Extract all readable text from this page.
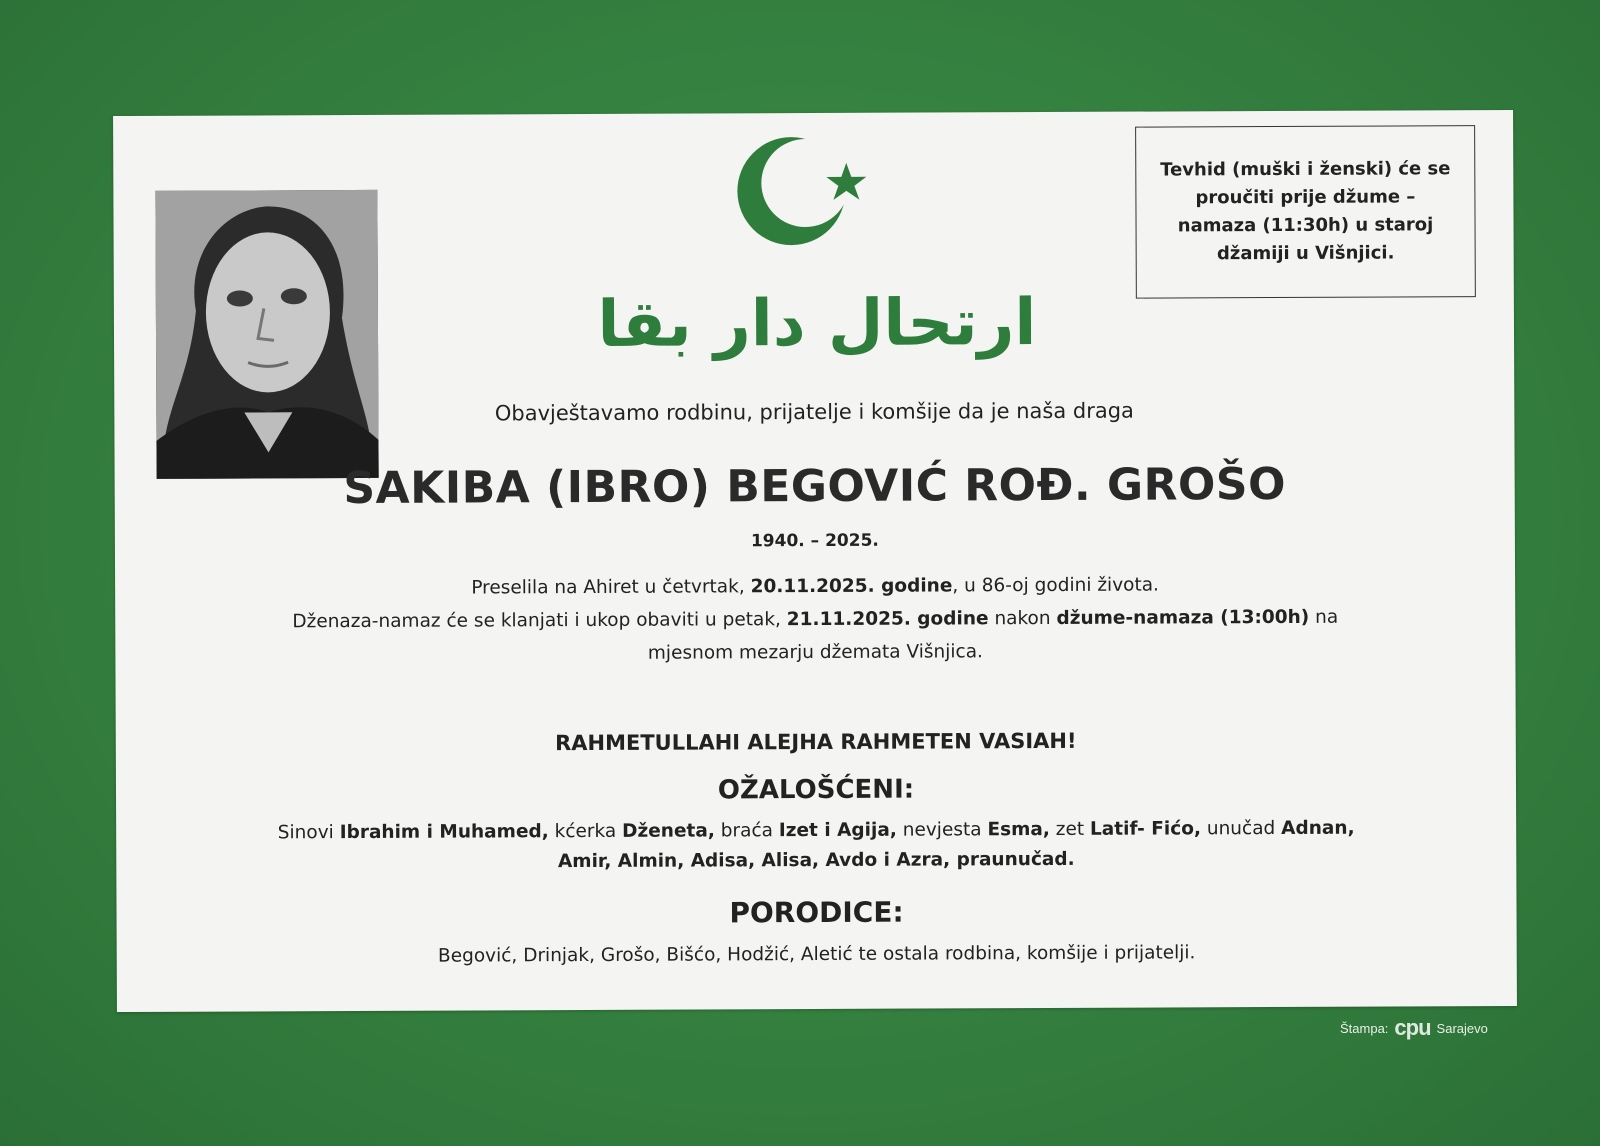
ارتحال دار بقا
Tevhid (muški i ženski) će se proučiti prije džume – namaza (11:30h) u staroj džamiji u Višnjici.
Obavještavamo rodbinu, prijatelje i komšije da je naša draga
SAKIBA (IBRO) BEGOVIĆ ROĐ. GROŠO
1940. – 2025.

Preselila na Ahiret u četvrtak, 20.11.2025. godine, u 86-oj godini života.

Dženaza-namaz će se klanjati i ukop obaviti u petak, 21.11.2025. godine nakon džume-namaza (13:00h) na

mjesnom mezarju džemata Višnjica.

RAHMETULLAHI ALEJHA RAHMETEN VASIAH!
OŽALOŠĆENI:

Sinovi Ibrahim i Muhamed, kćerka Dženeta, braća Izet i Agija, nevjesta Esma, zet Latif- Fićo, unučad Adnan,

Amir, Almin, Adisa, Alisa, Avdo i Azra, praunučad.

PORODICE:
Begović, Drinjak, Grošo, Bišćo, Hodžić, Aletić te ostala rodbina, komšije i prijatelji.
Štampa: cpu Sarajevo
